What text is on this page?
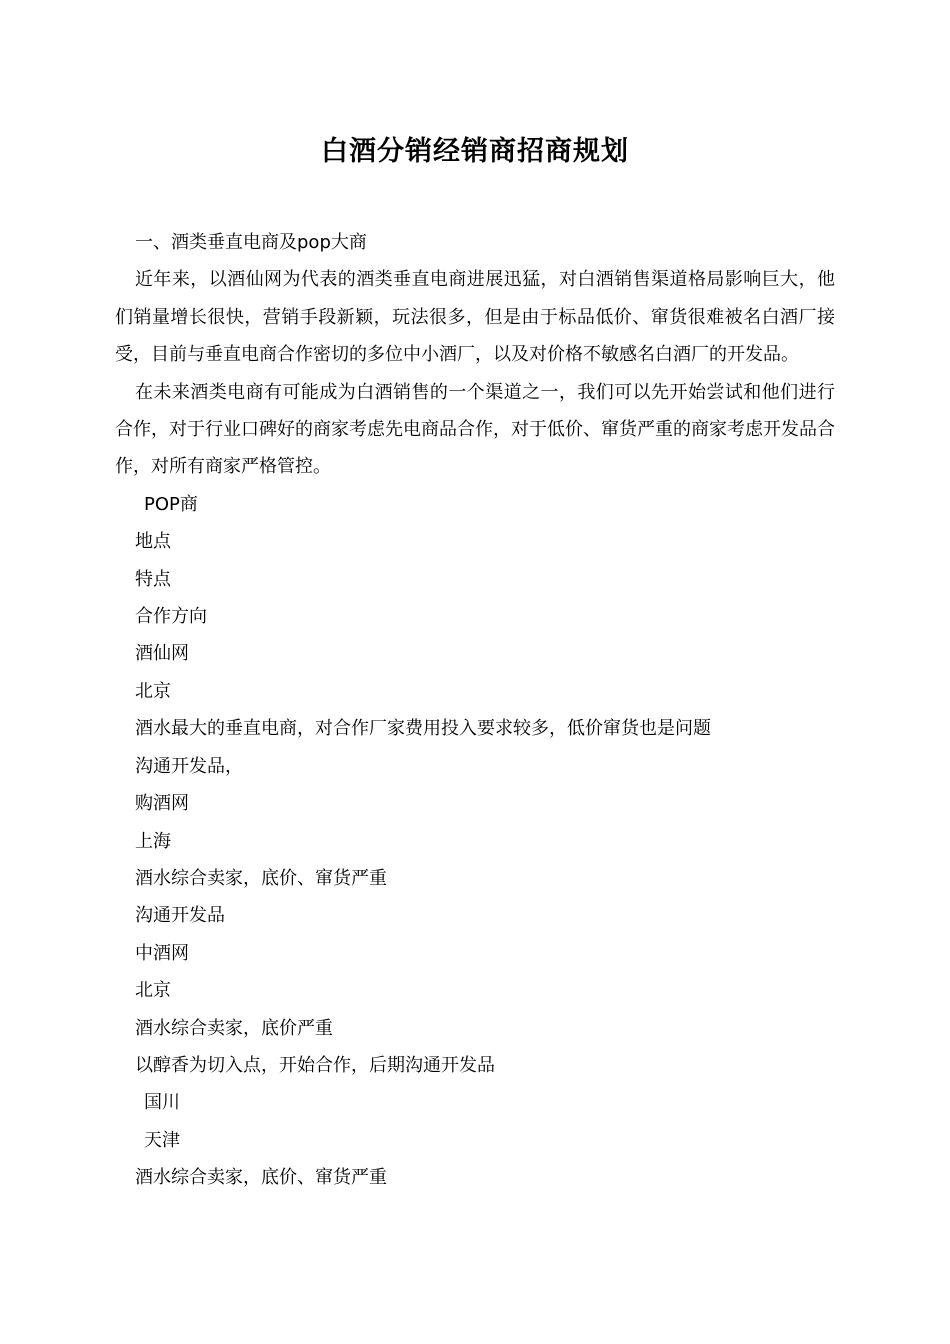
白酒分销经销商招商规划

一、酒类垂直电商及pop大商

近年来，以酒仙网为代表的酒类垂直电商进展迅猛，对白酒销售渠道格局影响巨大，他们销量增长很快，营销手段新颖，玩法很多，但是由于标品低价、窜货很难被名白酒厂接受，目前与垂直电商合作密切的多位中小酒厂，以及对价格不敏感名白酒厂的开发品。

在未来酒类电商有可能成为白酒销售的一个渠道之一，我们可以先开始尝试和他们进行合作，对于行业口碑好的商家考虑先电商品合作，对于低价、窜货严重的商家考虑开发品合作，对所有商家严格管控。

POP商

地点

特点

合作方向

酒仙网

北京

酒水最大的垂直电商，对合作厂家费用投入要求较多，低价窜货也是问题

沟通开发品，

购酒网

上海

酒水综合卖家，底价、窜货严重

沟通开发品

中酒网

北京

酒水综合卖家，底价严重

以醇香为切入点，开始合作，后期沟通开发品

国川

天津

酒水综合卖家，底价、窜货严重
